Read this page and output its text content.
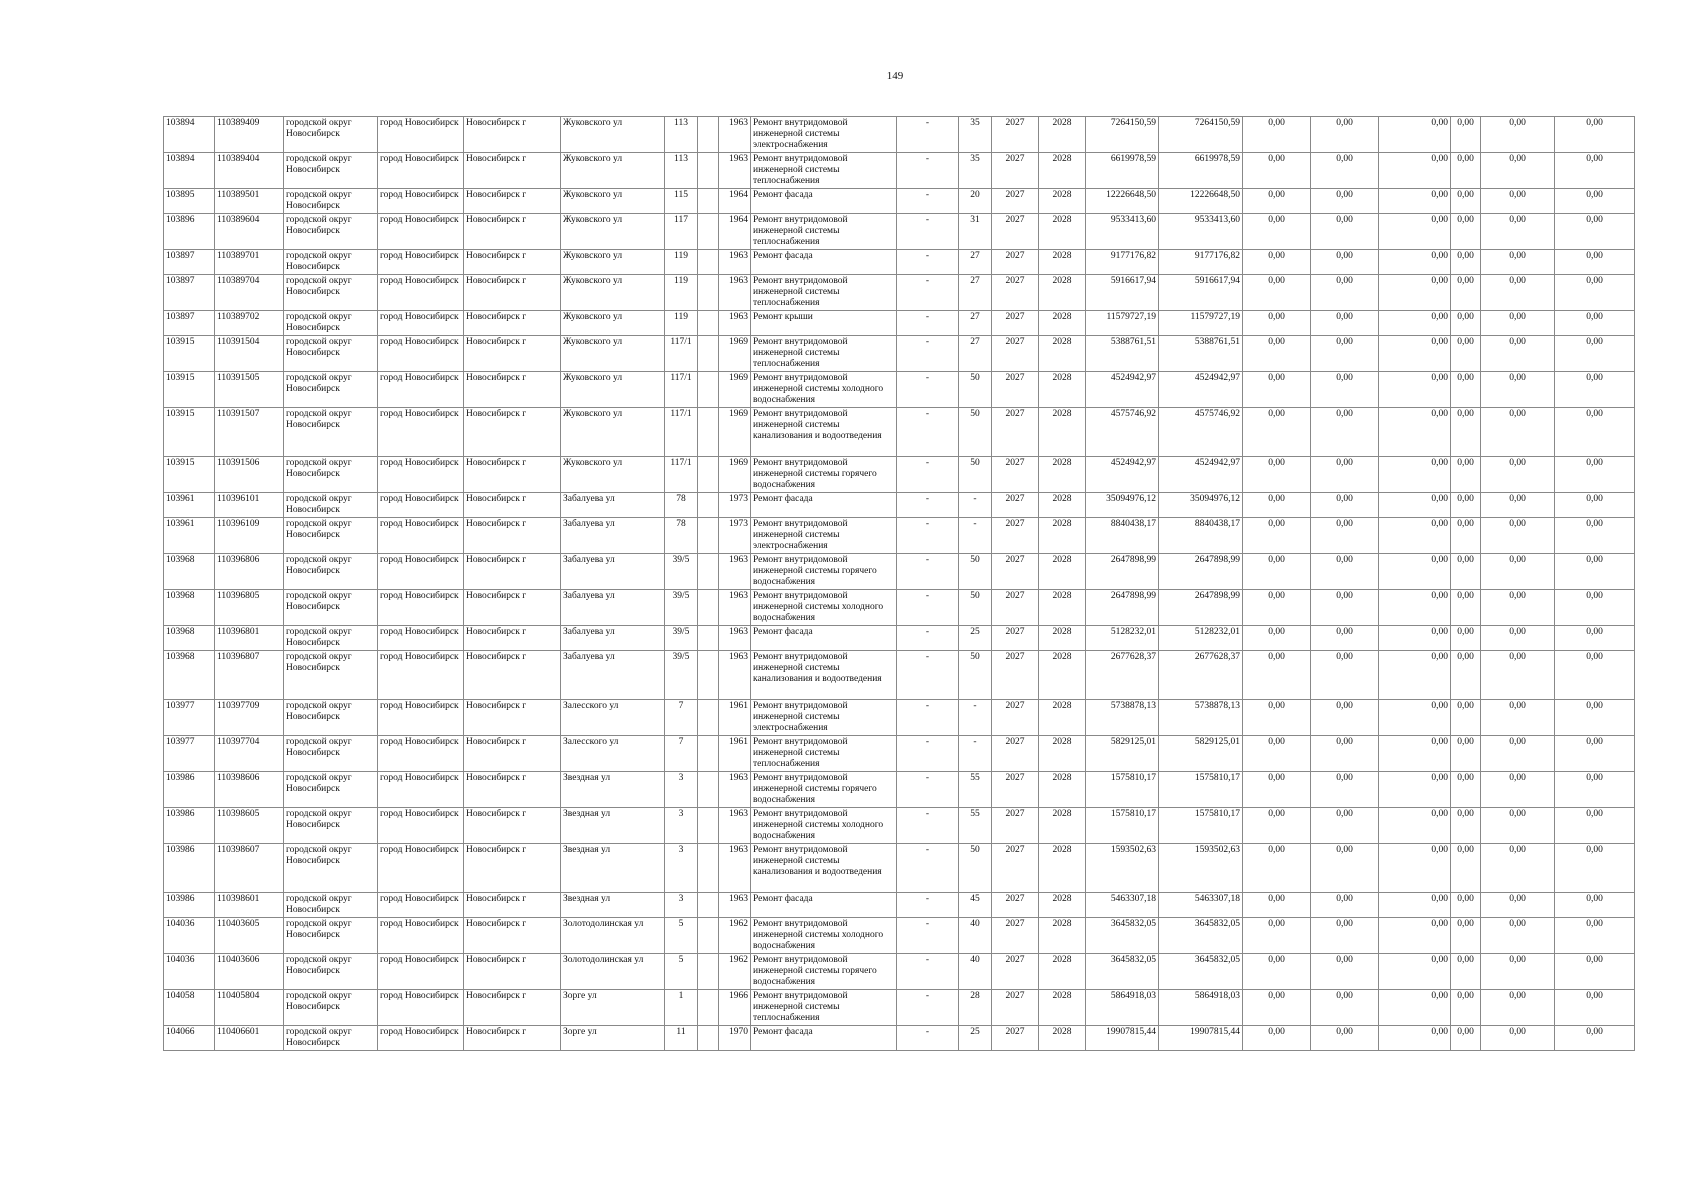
149
103894	110389409	городской округ Новосибирск	город Новосибирск	Новосибирск г	Жуковского ул	113		1963	Ремонт внутридомовой инженерной системы электроснабжения	-	35	2027	2028	7264150,59	7264150,59	0,00	0,00	0,00	0,00	0,00	0,00
103894	110389404	городской округ Новосибирск	город Новосибирск	Новосибирск г	Жуковского ул	113		1963	Ремонт внутридомовой инженерной системы теплоснабжения	-	35	2027	2028	6619978,59	6619978,59	0,00	0,00	0,00	0,00	0,00	0,00
103895	110389501	городской округ Новосибирск	город Новосибирск	Новосибирск г	Жуковского ул	115		1964	Ремонт фасада	-	20	2027	2028	12226648,50	12226648,50	0,00	0,00	0,00	0,00	0,00	0,00
103896	110389604	городской округ Новосибирск	город Новосибирск	Новосибирск г	Жуковского ул	117		1964	Ремонт внутридомовой инженерной системы теплоснабжения	-	31	2027	2028	9533413,60	9533413,60	0,00	0,00	0,00	0,00	0,00	0,00
103897	110389701	городской округ Новосибирск	город Новосибирск	Новосибирск г	Жуковского ул	119		1963	Ремонт фасада	-	27	2027	2028	9177176,82	9177176,82	0,00	0,00	0,00	0,00	0,00	0,00
103897	110389704	городской округ Новосибирск	город Новосибирск	Новосибирск г	Жуковского ул	119		1963	Ремонт внутридомовой инженерной системы теплоснабжения	-	27	2027	2028	5916617,94	5916617,94	0,00	0,00	0,00	0,00	0,00	0,00
103897	110389702	городской округ Новосибирск	город Новосибирск	Новосибирск г	Жуковского ул	119		1963	Ремонт крыши	-	27	2027	2028	11579727,19	11579727,19	0,00	0,00	0,00	0,00	0,00	0,00
103915	110391504	городской округ Новосибирск	город Новосибирск	Новосибирск г	Жуковского ул	117/1		1969	Ремонт внутридомовой инженерной системы теплоснабжения	-	27	2027	2028	5388761,51	5388761,51	0,00	0,00	0,00	0,00	0,00	0,00
103915	110391505	городской округ Новосибирск	город Новосибирск	Новосибирск г	Жуковского ул	117/1		1969	Ремонт внутридомовой инженерной системы холодного водоснабжения	-	50	2027	2028	4524942,97	4524942,97	0,00	0,00	0,00	0,00	0,00	0,00
103915	110391507	городской округ Новосибирск	город Новосибирск	Новосибирск г	Жуковского ул	117/1		1969	Ремонт внутридомовой инженерной системы канализования и водоотведения	-	50	2027	2028	4575746,92	4575746,92	0,00	0,00	0,00	0,00	0,00	0,00
103915	110391506	городской округ Новосибирск	город Новосибирск	Новосибирск г	Жуковского ул	117/1		1969	Ремонт внутридомовой инженерной системы горячего водоснабжения	-	50	2027	2028	4524942,97	4524942,97	0,00	0,00	0,00	0,00	0,00	0,00
103961	110396101	городской округ Новосибирск	город Новосибирск	Новосибирск г	Забалуева ул	78		1973	Ремонт фасада	-	-	2027	2028	35094976,12	35094976,12	0,00	0,00	0,00	0,00	0,00	0,00
103961	110396109	городской округ Новосибирск	город Новосибирск	Новосибирск г	Забалуева ул	78		1973	Ремонт внутридомовой инженерной системы электроснабжения	-	-	2027	2028	8840438,17	8840438,17	0,00	0,00	0,00	0,00	0,00	0,00
103968	110396806	городской округ Новосибирск	город Новосибирск	Новосибирск г	Забалуева ул	39/5		1963	Ремонт внутридомовой инженерной системы горячего водоснабжения	-	50	2027	2028	2647898,99	2647898,99	0,00	0,00	0,00	0,00	0,00	0,00
103968	110396805	городской округ Новосибирск	город Новосибирск	Новосибирск г	Забалуева ул	39/5		1963	Ремонт внутридомовой инженерной системы холодного водоснабжения	-	50	2027	2028	2647898,99	2647898,99	0,00	0,00	0,00	0,00	0,00	0,00
103968	110396801	городской округ Новосибирск	город Новосибирск	Новосибирск г	Забалуева ул	39/5		1963	Ремонт фасада	-	25	2027	2028	5128232,01	5128232,01	0,00	0,00	0,00	0,00	0,00	0,00
103968	110396807	городской округ Новосибирск	город Новосибирск	Новосибирск г	Забалуева ул	39/5		1963	Ремонт внутридомовой инженерной системы канализования и водоотведения	-	50	2027	2028	2677628,37	2677628,37	0,00	0,00	0,00	0,00	0,00	0,00
103977	110397709	городской округ Новосибирск	город Новосибирск	Новосибирск г	Залесского ул	7		1961	Ремонт внутридомовой инженерной системы электроснабжения	-	-	2027	2028	5738878,13	5738878,13	0,00	0,00	0,00	0,00	0,00	0,00
103977	110397704	городской округ Новосибирск	город Новосибирск	Новосибирск г	Залесского ул	7		1961	Ремонт внутридомовой инженерной системы теплоснабжения	-	-	2027	2028	5829125,01	5829125,01	0,00	0,00	0,00	0,00	0,00	0,00
103986	110398606	городской округ Новосибирск	город Новосибирск	Новосибирск г	Звездная ул	3		1963	Ремонт внутридомовой инженерной системы горячего водоснабжения	-	55	2027	2028	1575810,17	1575810,17	0,00	0,00	0,00	0,00	0,00	0,00
103986	110398605	городской округ Новосибирск	город Новосибирск	Новосибирск г	Звездная ул	3		1963	Ремонт внутридомовой инженерной системы холодного водоснабжения	-	55	2027	2028	1575810,17	1575810,17	0,00	0,00	0,00	0,00	0,00	0,00
103986	110398607	городской округ Новосибирск	город Новосибирск	Новосибирск г	Звездная ул	3		1963	Ремонт внутридомовой инженерной системы канализования и водоотведения	-	50	2027	2028	1593502,63	1593502,63	0,00	0,00	0,00	0,00	0,00	0,00
103986	110398601	городской округ Новосибирск	город Новосибирск	Новосибирск г	Звездная ул	3		1963	Ремонт фасада	-	45	2027	2028	5463307,18	5463307,18	0,00	0,00	0,00	0,00	0,00	0,00
104036	110403605	городской округ Новосибирск	город Новосибирск	Новосибирск г	Золотодолинская ул	5		1962	Ремонт внутридомовой инженерной системы холодного водоснабжения	-	40	2027	2028	3645832,05	3645832,05	0,00	0,00	0,00	0,00	0,00	0,00
104036	110403606	городской округ Новосибирск	город Новосибирск	Новосибирск г	Золотодолинская ул	5		1962	Ремонт внутридомовой инженерной системы горячего водоснабжения	-	40	2027	2028	3645832,05	3645832,05	0,00	0,00	0,00	0,00	0,00	0,00
104058	110405804	городской округ Новосибирск	город Новосибирск	Новосибирск г	Зорге ул	1		1966	Ремонт внутридомовой инженерной системы теплоснабжения	-	28	2027	2028	5864918,03	5864918,03	0,00	0,00	0,00	0,00	0,00	0,00
104066	110406601	городской округ Новосибирск	город Новосибирск	Новосибирск г	Зорге ул	11		1970	Ремонт фасада	-	25	2027	2028	19907815,44	19907815,44	0,00	0,00	0,00	0,00	0,00	0,00
